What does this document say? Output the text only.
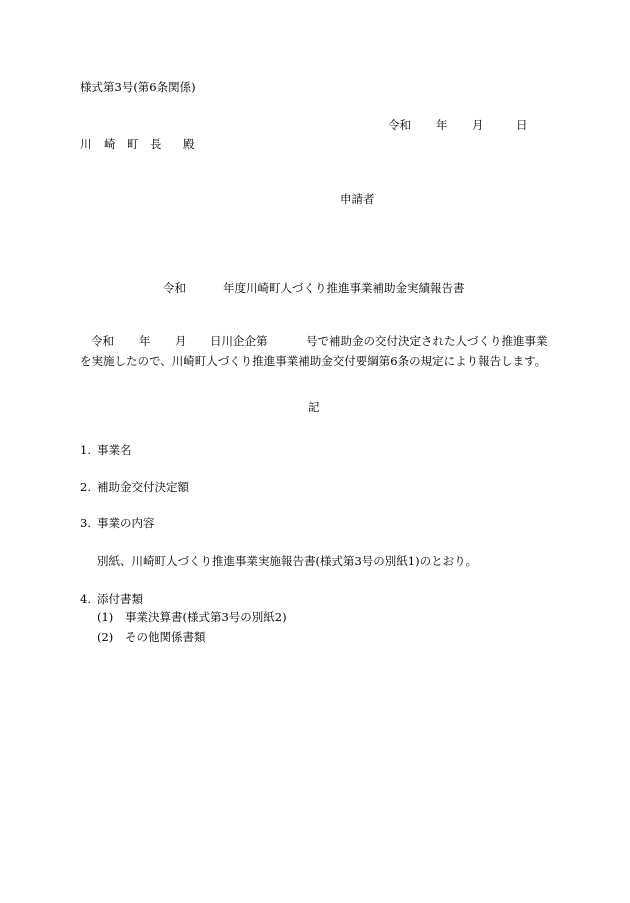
様式第3号(第6条関係)
令和 年 月	日
川 崎 町 長 殿
申請者
令和	年度川崎町人づくり推進事業補助金実績報告書
令和 年 月 日川企企第	号で補助金の交付決定された人づくり推進事業
を実施したので、川崎町人づくり推進事業補助金交付要綱第6条の規定により報告します。
記
1. 事業名
2. 補助金交付決定額
3. 事業の内容
別紙、川崎町人づくり推進事業実施報告書(様式第3号の別紙1)のとおり。
4. 添付書類
(1) 事業決算書(様式第3号の別紙2)
(2) その他関係書類
